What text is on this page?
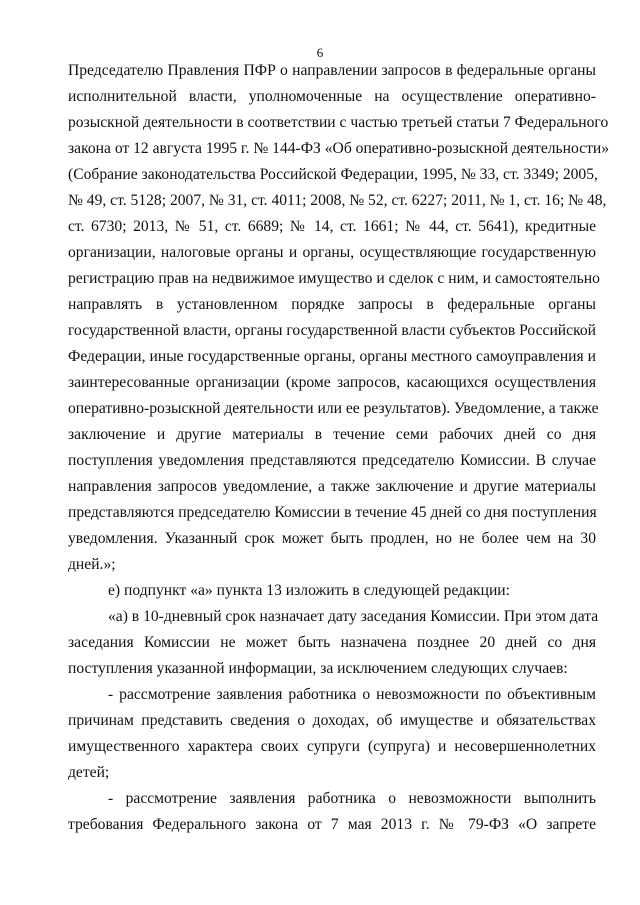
6
Председателю Правления ПФР о направлении запросов в федеральные органы
исполнительной власти, уполномоченные на осуществление оперативно-
розыскной деятельности в соответствии с частью третьей статьи 7 Федерального
закона от 12 августа 1995 г. № 144-ФЗ «Об оперативно-розыскной деятельности»
(Собрание законодательства Российской Федерации, 1995, № 33, ст. 3349; 2005,
№ 49, ст. 5128; 2007, № 31, ст. 4011; 2008, № 52, ст. 6227; 2011, № 1, ст. 16; № 48,
ст. 6730; 2013, № 51, ст. 6689; № 14, ст. 1661; № 44, ст. 5641), кредитные
организации, налоговые органы и органы, осуществляющие государственную
регистрацию прав на недвижимое имущество и сделок с ним, и самостоятельно
направлять в установленном порядке запросы в федеральные органы
государственной власти, органы государственной власти субъектов Российской
Федерации, иные государственные органы, органы местного самоуправления и
заинтересованные организации (кроме запросов, касающихся осуществления
оперативно-розыскной деятельности или ее результатов). Уведомление, а также
заключение и другие материалы в течение семи рабочих дней со дня
поступления уведомления представляются председателю Комиссии. В случае
направления запросов уведомление, а также заключение и другие материалы
представляются председателю Комиссии в течение 45 дней со дня поступления
уведомления. Указанный срок может быть продлен, но не более чем на 30
дней.»;
е) подпункт «а» пункта 13 изложить в следующей редакции:
«а) в 10-дневный срок назначает дату заседания Комиссии. При этом дата
заседания Комиссии не может быть назначена позднее 20 дней со дня
поступления указанной информации, за исключением следующих случаев:
- рассмотрение заявления работника о невозможности по объективным
причинам представить сведения о доходах, об имуществе и обязательствах
имущественного характера своих супруги (супруга) и несовершеннолетних
детей;
- рассмотрение заявления работника о невозможности выполнить
требования Федерального закона от 7 мая 2013 г. № 79-ФЗ «О запрете
